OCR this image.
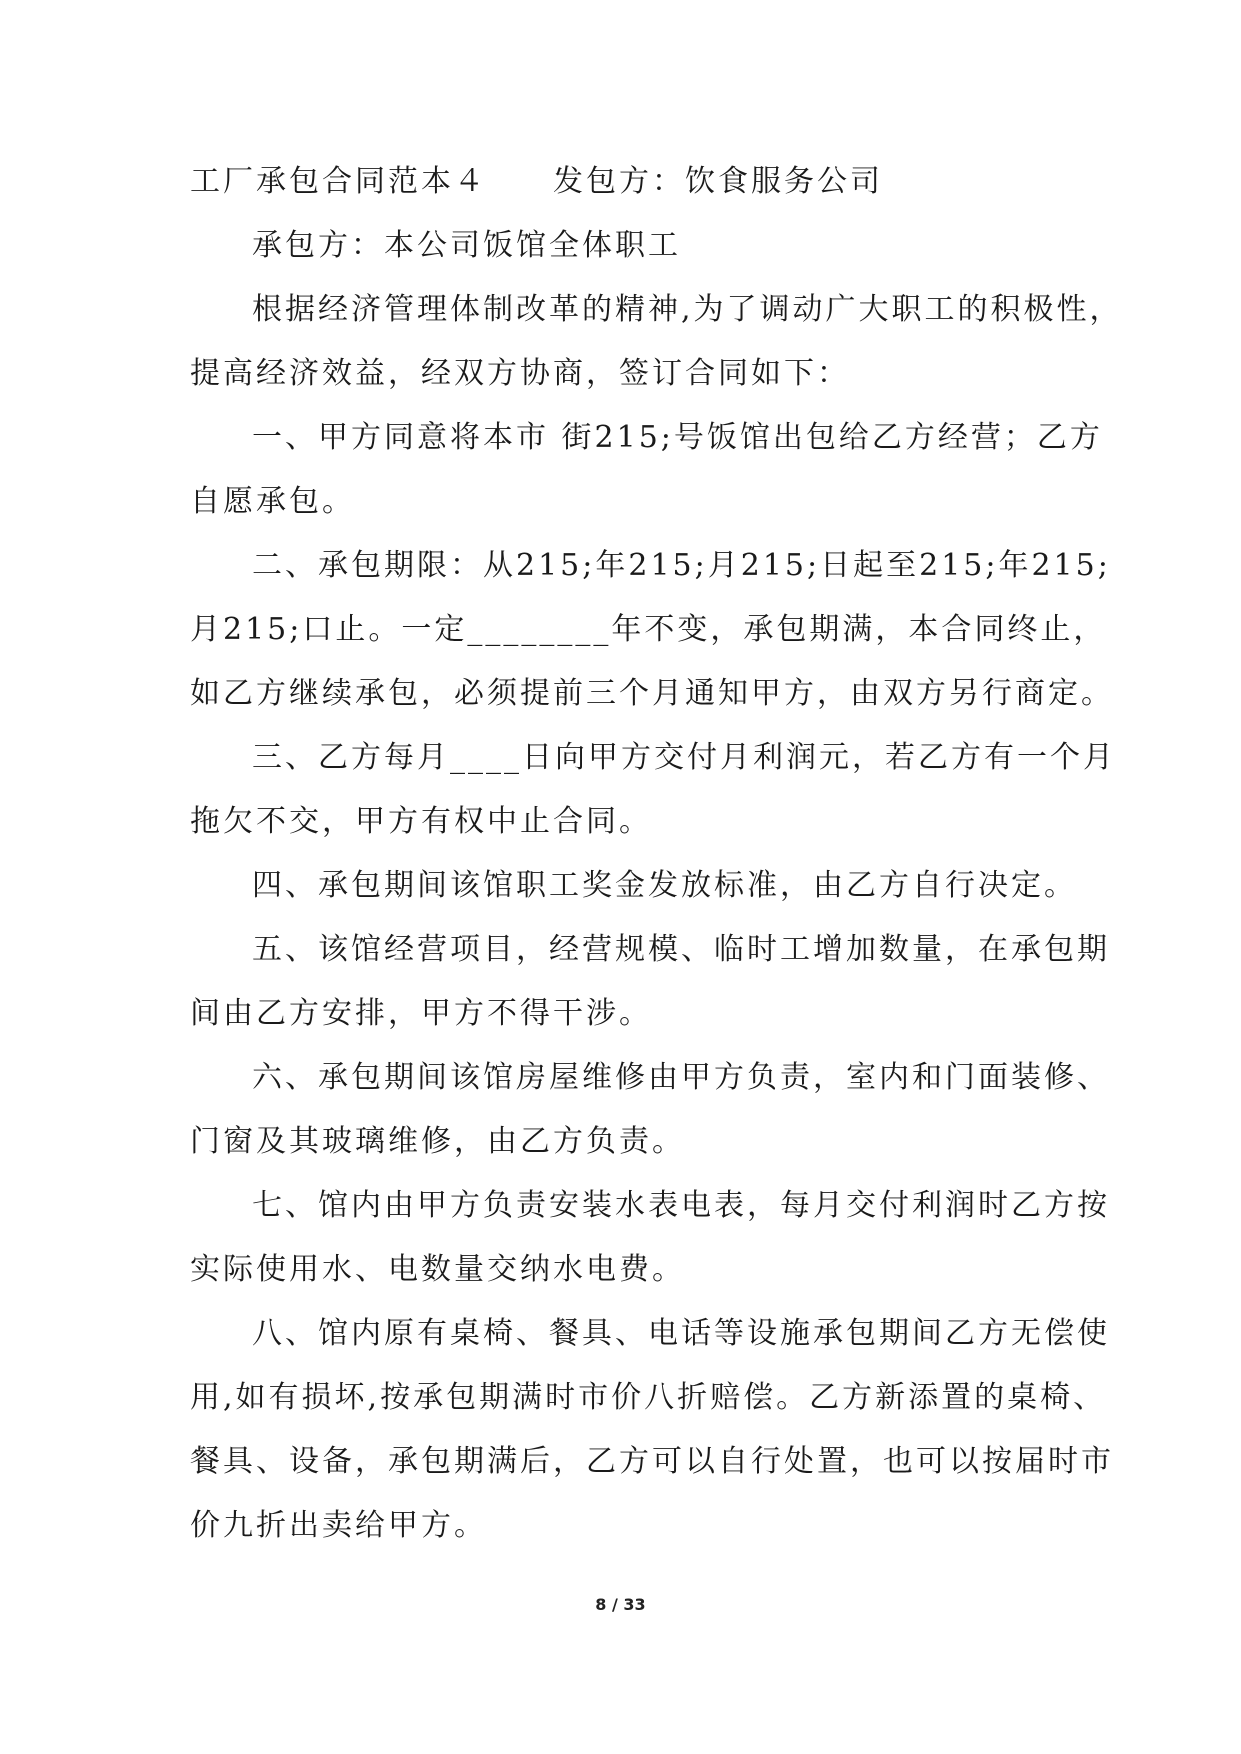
工厂承包合同范本４　　发包方：饮食服务公司
承包方：本公司饭馆全体职工
根据经济管理体制改革的精神,为了调动广大职工的积极性，
提高经济效益，经双方协商，签订合同如下：
一、甲方同意将本市 街215;号饭馆出包给乙方经营；乙方
自愿承包。
二、承包期限：从215;年215;月215;日起至215;年215;
月215;口止。一定________年不变，承包期满，本合同终止，
如乙方继续承包，必须提前三个月通知甲方，由双方另行商定。
三、乙方每月____日向甲方交付月利润元，若乙方有一个月
拖欠不交，甲方有权中止合同。
四、承包期间该馆职工奖金发放标准，由乙方自行决定。
五、该馆经营项目，经营规模、临时工增加数量，在承包期
间由乙方安排，甲方不得干涉。
六、承包期间该馆房屋维修由甲方负责，室内和门面装修、
门窗及其玻璃维修，由乙方负责。
七、馆内由甲方负责安装水表电表，每月交付利润时乙方按
实际使用水、电数量交纳水电费。
八、馆内原有桌椅、餐具、电话等设施承包期间乙方无偿使
用,如有损坏,按承包期满时市价八折赔偿。乙方新添置的桌椅、
餐具、设备，承包期满后，乙方可以自行处置，也可以按届时市
价九折出卖给甲方。
8 / 33
